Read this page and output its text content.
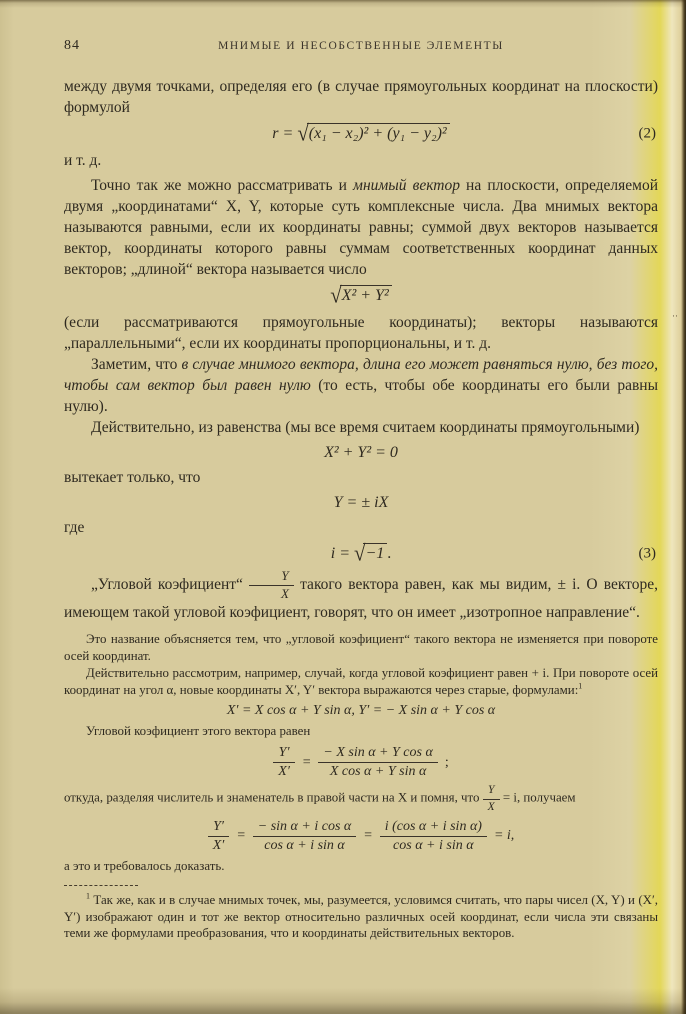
··
84	МНИМЫЕ И НЕСОБСТВЕННЫЕ ЭЛЕМЕНТЫ

между двумя точками, определяя его (в случае прямоугольных координат на плоскости) формулой

r = √(x₁ − x₂)² + (y₁ − y₂)²	(2)

и т. д.

Точно так же можно рассматривать и мнимый вектор на плоскости, определяемой двумя „координатами“ X, Y, которые суть комплексные числа. Два мнимых вектора называются равными, если их координаты равны; суммой двух векторов называется вектор, координаты которого равны суммам соответственных координат данных векторов; „длиной“ вектора называется число

√X² + Y²

(если рассматриваются прямоугольные координаты); векторы называются „параллельными“, если их координаты пропорциональны, и т. д.

Заметим, что в случае мнимого вектора, длина его может равняться нулю, без того, чтобы сам вектор был равен нулю (то есть, чтобы обе координаты его были равны нулю).

Действительно, из равенства (мы все время считаем координаты прямоугольными)

X² + Y² = 0

вытекает только, что

Y = ± iX

где

i = √−1 .	(3)

„Угловой коэфициент“ $\frac{Y}{X}$ такого вектора равен, как мы видим, ± i. О векторе, имеющем такой угловой коэфициент, говорят, что он имеет „изотропное направление“.

Это название объясняется тем, что „угловой коэфициент“ такого вектора не изменяется при повороте осей координат.

Действительно рассмотрим, например, случай, когда угловой коэфициент равен + i. При повороте осей координат на угол α, новые координаты X′, Y′ вектора выражаются через старые, формулами:$^1$

X′ = X cos α + Y sin α, Y′ = − X sin α + Y cos α

Угловой коэфициент этого вектора равен

$\frac{Y'}{X'} = \frac{\text{− X sin α + Y cos α}}{\text{X cos α + Y sin α}}$ ;

откуда, разделяя числитель и знаменатель в правой части на X и помня, что $\frac{Y}{X} = i$, получаем

$\frac{Y'}{X'} = \frac{\text{− sin α + i cos α}}{\text{cos α + i sin α}} = \frac{\text{i (cos α + i sin α)}}{\text{cos α + i sin α}} = i$,

а это и требовалось доказать.

$^1$ Так же, как и в случае мнимых точек, мы, разумеется, условимся считать, что пары чисел (X, Y) и (X′, Y′) изображают один и тот же вектор относительно различных осей координат, если числа эти связаны теми же формулами преобразования, что и координаты действительных векторов.
